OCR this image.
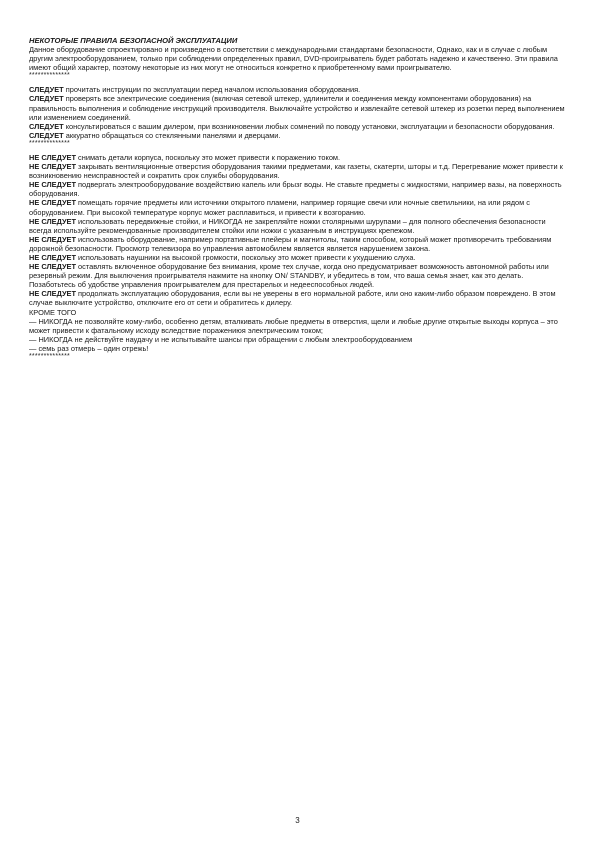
НЕКОТОРЫЕ ПРАВИЛА БЕЗОПАСНОЙ ЭКСПЛУАТАЦИИ

Данное оборудование спроектировано и произведено в соответствии с международными стандартами безопасности, Однако, как и в случае с любым другим электрооборудованием, только при соблюдении определенных правил, DVD-проигрыватель будет работать надежно и качественно. Эти правила имеют общий характер, поэтому некоторые из них могут не относиться конкретно к приобретенному вами проигрывателю.

**************

СЛЕДУЕТ прочитать инструкции по эксплуатации перед началом использования оборудования.

СЛЕДУЕТ проверять все электрические соединения (включая сетевой штекер, удлинители и соединения между компонентами оборудования) на правильность выполнения и соблюдение инструкций производителя. Выключайте устройство и извлекайте сетевой штекер из розетки перед выполнением или изменением соединений.

СЛЕДУЕТ консультироваться с вашим дилером, при возникновении любых сомнений по поводу установки, эксплуатации и безопасности оборудования.

СЛЕДУЕТ аккуратно обращаться со стеклянными панелями и дверцами.

**************

НЕ СЛЕДУЕТ снимать детали корпуса, поскольку это может привести к поражению током.

НЕ СЛЕДУЕТ закрывать вентиляционные отверстия оборудования такими предметами, как газеты, скатерти, шторы и т.д. Перегревание может привести к возникновению неисправностей и сократить срок службы оборудования.

НЕ СЛЕДУЕТ подвергать электрооборудование воздействию капель или брызг воды. Не ставьте предметы с жидкостями, например вазы, на поверхность оборудования.

НЕ СЛЕДУЕТ помещать горячие предметы или источники открытого пламени, например горящие свечи или ночные светильники, на или рядом с оборудованием. При высокой температуре корпус может расплавиться, и привести к возгоранию.

НЕ СЛЕДУЕТ использовать передвижные стойки, и НИКОГДА не закрепляйте ножки столярными шурупами – для полного обеспечения безопасности всегда используйте рекомендованные производителем стойки или ножки с указанным в инструкциях крепежом.

НЕ СЛЕДУЕТ использовать оборудование, например портативные плейеры и магнитолы, таким способом, который может противоречить требованиям дорожной безопасности. Просмотр телевизора во управления автомобилем является является нарушением закона.

НЕ СЛЕДУЕТ использовать наушники на высокой громкости, поскольку это может привести к ухудшению слуха.

НЕ СЛЕДУЕТ оставлять включенное оборудование без внимания, кроме тех случае, когда оно предусматривает возможность автономной работы или резервный режим. Для выключения проигрывателя нажмите на кнопку ON/ STANDBY, и убедитесь в том, что ваша семья знает, как это делать. Позаботьтесь об удобстве управления проигрывателем для престарелых и недееспособных людей.

НЕ СЛЕДУЕТ продолжать эксплуатацию оборудования, если вы не уверены в его нормальной работе, или оно каким-либо образом повреждено. В этом случае выключите устройство, отключите его от сети и обратитесь к дилеру.

КРОМЕ ТОГО

— НИКОГДА не позволяйте кому-либо, особенно детям, вталкивать любые предметы в отверстия, щели и любые другие открытые выходы корпуса – это может привести к фатальному исходу вследствие поражениюя электрическим током;

— НИКОГДА не действуйте наудачу и не испытывайте шансы при обращении с любым электрооборудованием

— семь раз отмерь – один отрежь!

**************

3
